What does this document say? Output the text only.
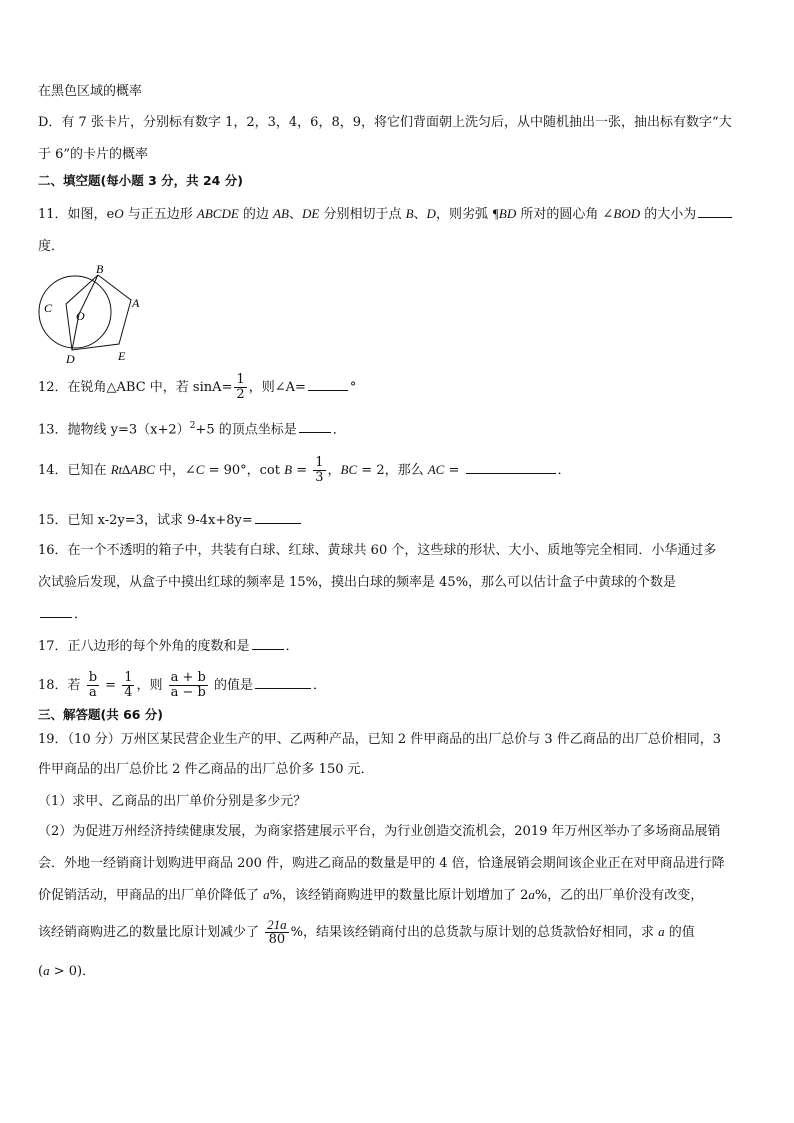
在黑色区域的概率
D．有 7 张卡片，分别标有数字 1，2，3，4，6，8，9，将它们背面朝上洗匀后，从中随机抽出一张，抽出标有数字“大
于 6”的卡片的概率
二、填空题(每小题 3 分，共 24 分)
11．如图，eO 与正五边形 ABCDE 的边 AB、DE 分别相切于点 B、D，则劣弧 ¶BD 所对的圆心角 ∠BOD 的大小为
度．
B
A
C
O
D	E
12．在锐角△ABC 中，若 $\sin A= \frac{1}{2}$ ，则∠A=	°
13．抛物线 $y=3(x+2)^2+5$ 的顶点坐标是	．
14．已知在 Rt∆ABC 中，∠C = 90°，$\cot B = \frac{1}{3}$ ，BC = 2，那么 AC =	．
15．已知 x-2y=3，试求 9-4x+8y=
16．在一个不透明的箱子中，共装有白球、红球、黄球共 60 个，这些球的形状、大小、质地等完全相同．小华通过多
次试验后发现，从盒子中摸出红球的频率是 15%，摸出白球的频率是 45%，那么可以估计盒子中黄球的个数是
．
17．正八边形的每个外角的度数和是	．
18．若 $\frac{b}{a} = \frac{1}{4}$ ，则 $\frac{a + b}{a - b}$ 的值是	．
三、解答题(共 66 分)
19．（10 分）万州区某民营企业生产的甲、乙两种产品，已知 2 件甲商品的出厂总价与 3 件乙商品的出厂总价相同，3
件甲商品的出厂总价比 2 件乙商品的出厂总价多 150 元．
（1）求甲、乙商品的出厂单价分别是多少元？
（2）为促进万州经济持续健康发展，为商家搭建展示平台，为行业创造交流机会，2019 年万州区举办了多场商品展销
会．外地一经销商计划购进甲商品 200 件，购进乙商品的数量是甲的 4 倍，恰逢展销会期间该企业正在对甲商品进行降
价促销活动，甲商品的出厂单价降低了 a%，该经销商购进甲的数量比原计划增加了 2a%，乙的出厂单价没有改变，
该经销商购进乙的数量比原计划减少了 $\frac{21a}{80}$ %，结果该经销商付出的总货款与原计划的总货款恰好相同，求 a 的值
(a > 0)．
